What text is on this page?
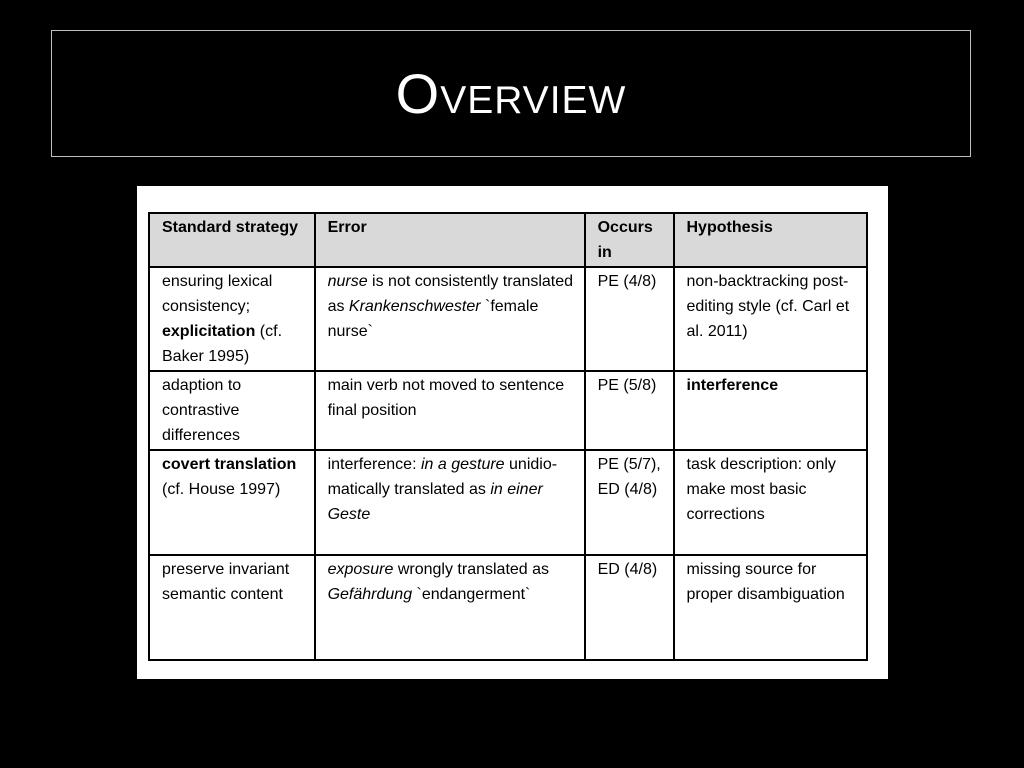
Overview
Standard strategy	Error	Occurs in	Hypothesis
ensuring lexical consistency; explicitation (cf. Baker 1995)	nurse is not consistently translated as Krankenschwester `female nurse`	PE (4/8)	non-backtracking post-editing style (cf. Carl et al. 2011)
adaption to contrastive differences	main verb not moved to sentence final position	PE (5/8)	interference
covert translation (cf. House 1997)	interference: in a gesture unidio-matically translated as in einer Geste	PE (5/7), ED (4/8)	task description: only make most basic corrections
preserve invariant semantic content	exposure wrongly translated as Gefährdung `endangerment`	ED (4/8)	missing source for proper disambiguation
